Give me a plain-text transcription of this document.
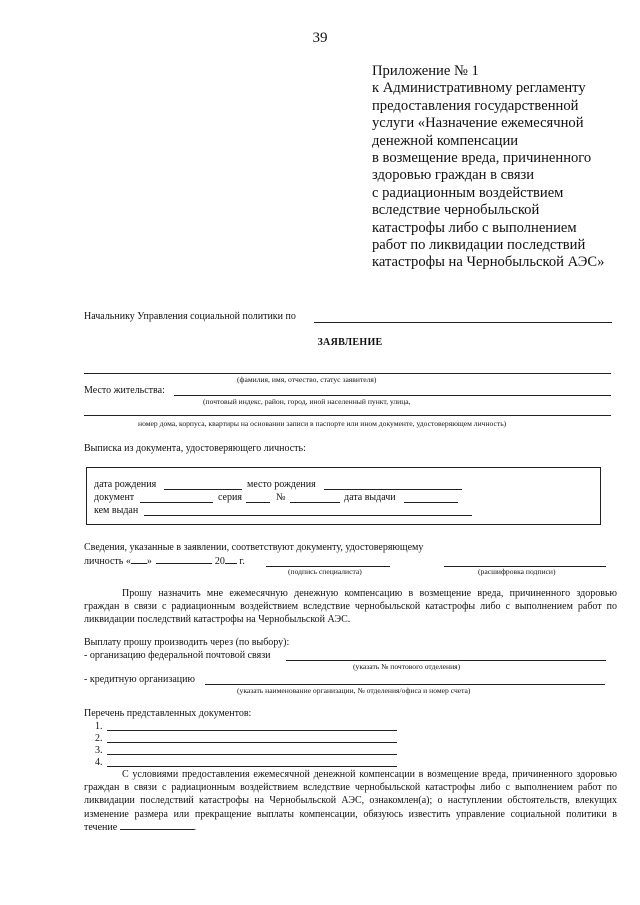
39
Приложение № 1
к Административному регламенту
предоставления государственной
услуги «Назначение ежемесячной
денежной компенсации
в возмещение вреда, причиненного
здоровью граждан в связи
с радиационным воздействием
вследствие чернобыльской
катастрофы либо с выполнением
работ по ликвидации последствий
катастрофы на Чернобыльской АЭС»
Начальнику Управления социальной политики по
ЗАЯВЛЕНИЕ
(фамилия, имя, отчество, статус заявителя)
Место жительства:
(почтовый индекс, район, город, иной населенный пункт, улица,
номер дома, корпуса, квартиры на основании записи в паспорте или ином документе, удостоверяющем личность)
Выписка из документа, удостоверяющего личность:
дата рождения	место рождения
документ	серия	№	дата выдачи
кем выдан
Сведения, указанные в заявлении, соответствуют документу, удостоверяющему
личность « »	20 г.
(подпись специалиста)	(расшифровка подписи)
Прошу назначить мне ежемесячную денежную компенсацию в возмещение вреда, причиненного здоровью граждан в связи с радиационным воздействием вследствие чернобыльской катастрофы либо с выполнением работ по ликвидации последствий катастрофы на Чернобыльской АЭС.
Выплату прошу производить через (по выбору):
- организацию федеральной почтовой связи
(указать № почтового отделения)
- кредитную организацию
(указать наименование организации, № отделения/офиса и номер счета)
Перечень представленных документов:
1.
2.
3.
4.
С условиями предоставления ежемесячной денежной компенсации в возмещение вреда, причиненного здоровью граждан в связи с радиационным воздействием вследствие чернобыльской катастрофы либо с выполнением работ по ликвидации последствий катастрофы на Чернобыльской АЭС, ознакомлен(а); о наступлении обстоятельств, влекущих изменение размера или прекращение выплаты компенсации, обязуюсь известить управление социальной политики в течение	.
